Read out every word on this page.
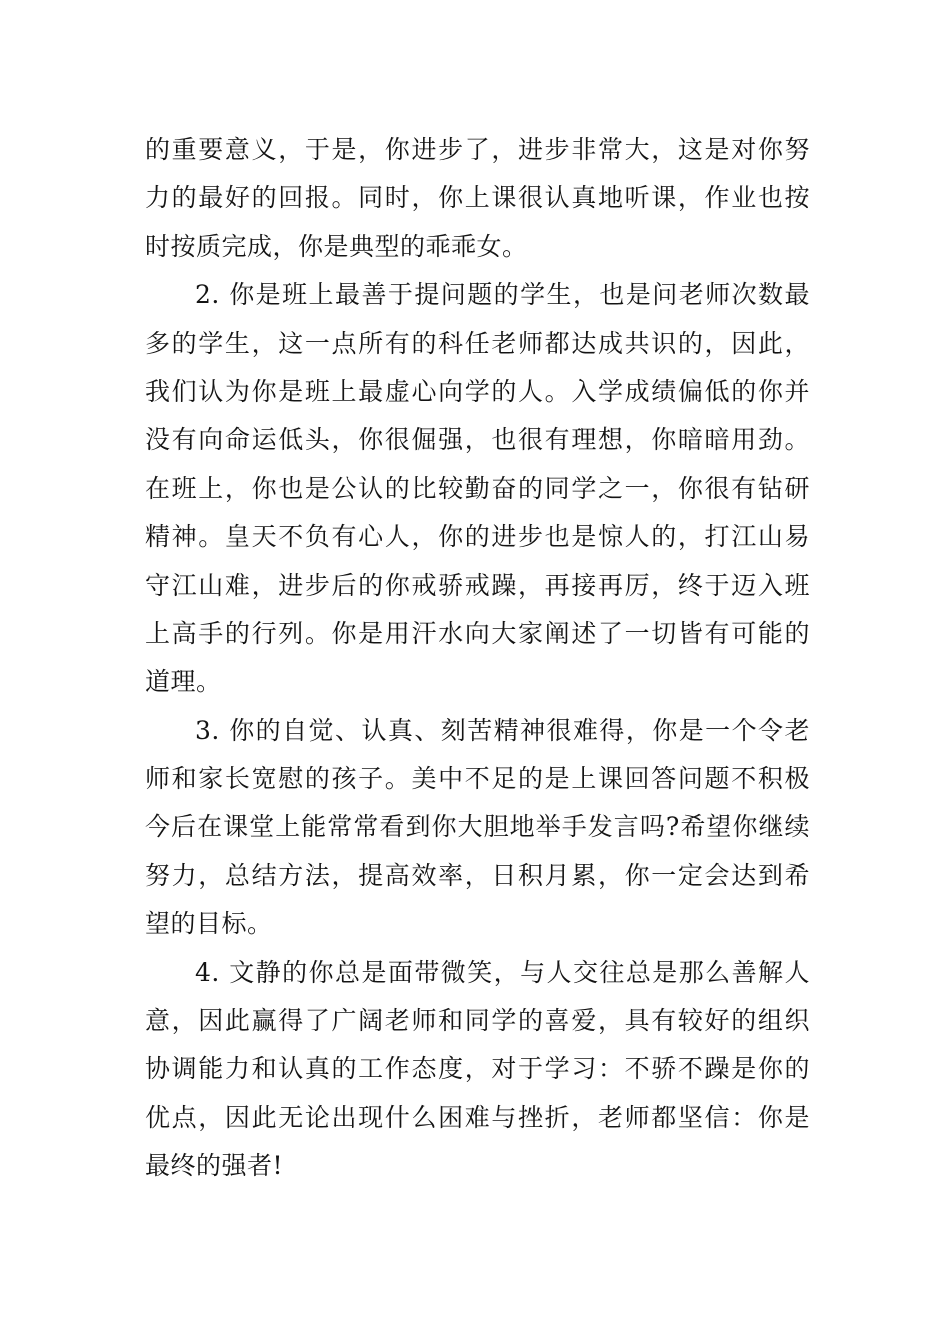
的重要意义，于是，你进步了，进步非常大，这是对你努
力的最好的回报。同时，你上课很认真地听课，作业也按
时按质完成，你是典型的乖乖女。
2. 你是班上最善于提问题的学生，也是问老师次数最
多的学生，这一点所有的科任老师都达成共识的，因此，
我们认为你是班上最虚心向学的人。入学成绩偏低的你并
没有向命运低头，你很倔强，也很有理想，你暗暗用劲。
在班上，你也是公认的比较勤奋的同学之一，你很有钻研
精神。皇天不负有心人，你的进步也是惊人的，打江山易
守江山难，进步后的你戒骄戒躁，再接再厉，终于迈入班
上高手的行列。你是用汗水向大家阐述了一切皆有可能的
道理。
3. 你的自觉、认真、刻苦精神很难得，你是一个令老
师和家长宽慰的孩子。美中不足的是上课回答问题不积极
今后在课堂上能常常看到你大胆地举手发言吗?希望你继续
努力，总结方法，提高效率，日积月累，你一定会达到希
望的目标。
4. 文静的你总是面带微笑，与人交往总是那么善解人
意，因此赢得了广阔老师和同学的喜爱，具有较好的组织
协调能力和认真的工作态度，对于学习：不骄不躁是你的
优点，因此无论出现什么困难与挫折，老师都坚信：你是
最终的强者!
